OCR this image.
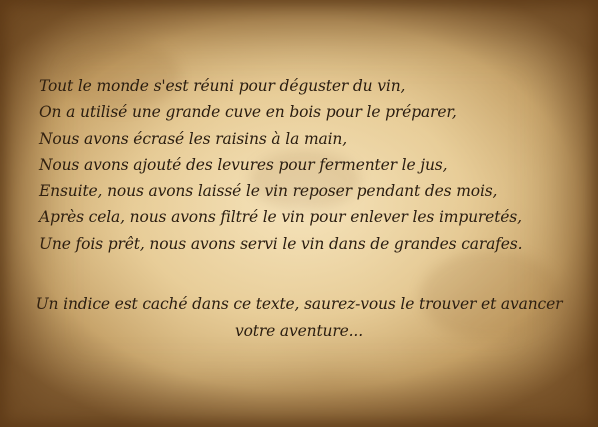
Tout le monde s'est réuni pour déguster du vin,
On a utilisé une grande cuve en bois pour le préparer,
Nous avons écrasé les raisins à la main,
Nous avons ajouté des levures pour fermenter le jus,
Ensuite, nous avons laissé le vin reposer pendant des mois,
Après cela, nous avons filtré le vin pour enlever les impuretés,
Une fois prêt, nous avons servi le vin dans de grandes carafes.

Un indice est caché dans ce texte, saurez-vous le trouver et avancer votre aventure...
